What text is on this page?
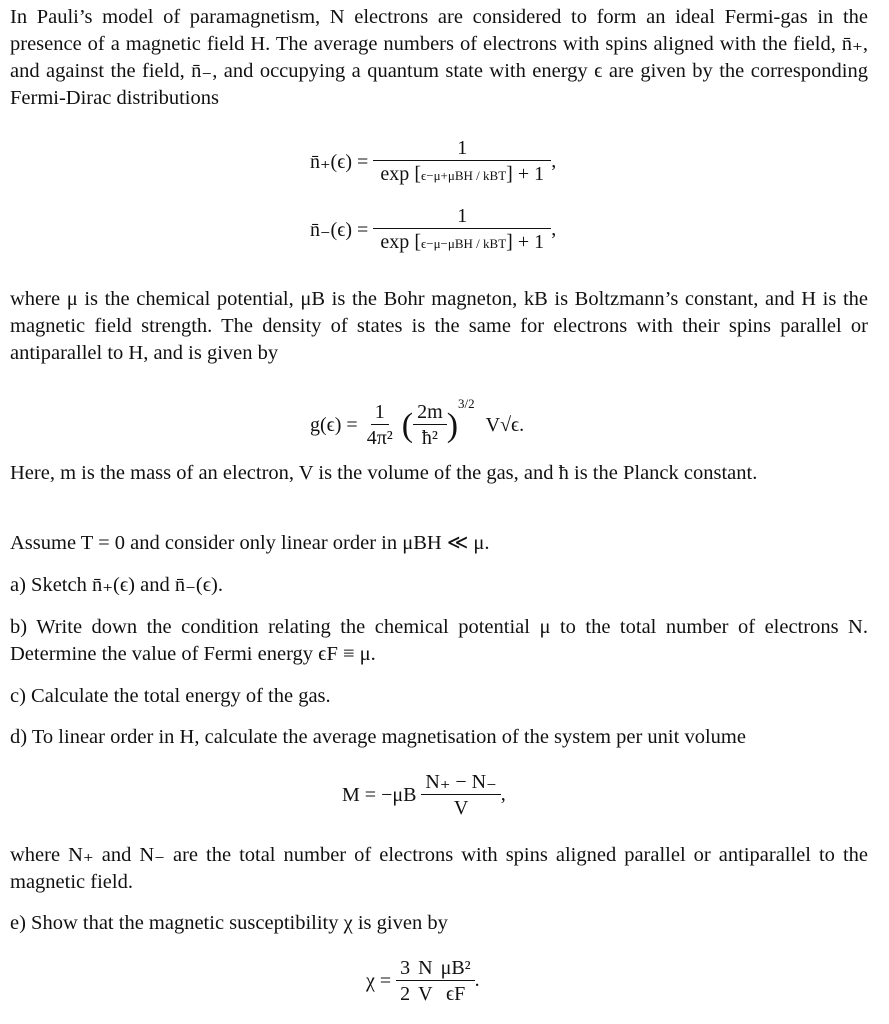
In Pauli’s model of paramagnetism, N electrons are considered to form an ideal Fermi-gas in the presence of a magnetic field H. The average numbers of electrons with spins aligned with the field, n̄₊, and against the field, n̄₋, and occupying a quantum state with energy ϵ are given by the corresponding Fermi-Dirac distributions

n̄₊(ϵ) = $\frac{1}{\text{exp [ϵ−μ+μBH / kBT] + 1}}$ ,
n̄₋(ϵ) = $\frac{1}{\text{exp [ϵ−μ−μBH / kBT] + 1}}$ ,

where μ is the chemical potential, μB is the Bohr magneton, kB is Boltzmann’s constant, and H is the magnetic field strength. The density of states is the same for electrons with their spins parallel or antiparallel to H, and is given by

$g(\epsilon) = \frac{1}{\text{4π²}}$ ( $\frac{2m}{\text{ħ²}} )^{3/2}$ V√ϵ.

Here, m is the mass of an electron, V is the volume of the gas, and ħ is the Planck constant.

Assume T = 0 and consider only linear order in μBH ≪ μ.

a) Sketch n̄₊(ϵ) and n̄₋(ϵ).

b) Write down the condition relating the chemical potential μ to the total number of electrons N. Determine the value of Fermi energy ϵF ≡ μ.

c) Calculate the total energy of the gas.

d) To linear order in H, calculate the average magnetisation of the system per unit volume

$M = -\mu B \frac{N_+ - N_-}{V}$ ,

where N₊ and N₋ are the total number of electrons with spins aligned parallel or antiparallel to the magnetic field.

e) Show that the magnetic susceptibility χ is given by

$\chi = \frac{3}{2} \frac{N}{V} \frac{\text{μB²}}{\epsilon F}$ .
